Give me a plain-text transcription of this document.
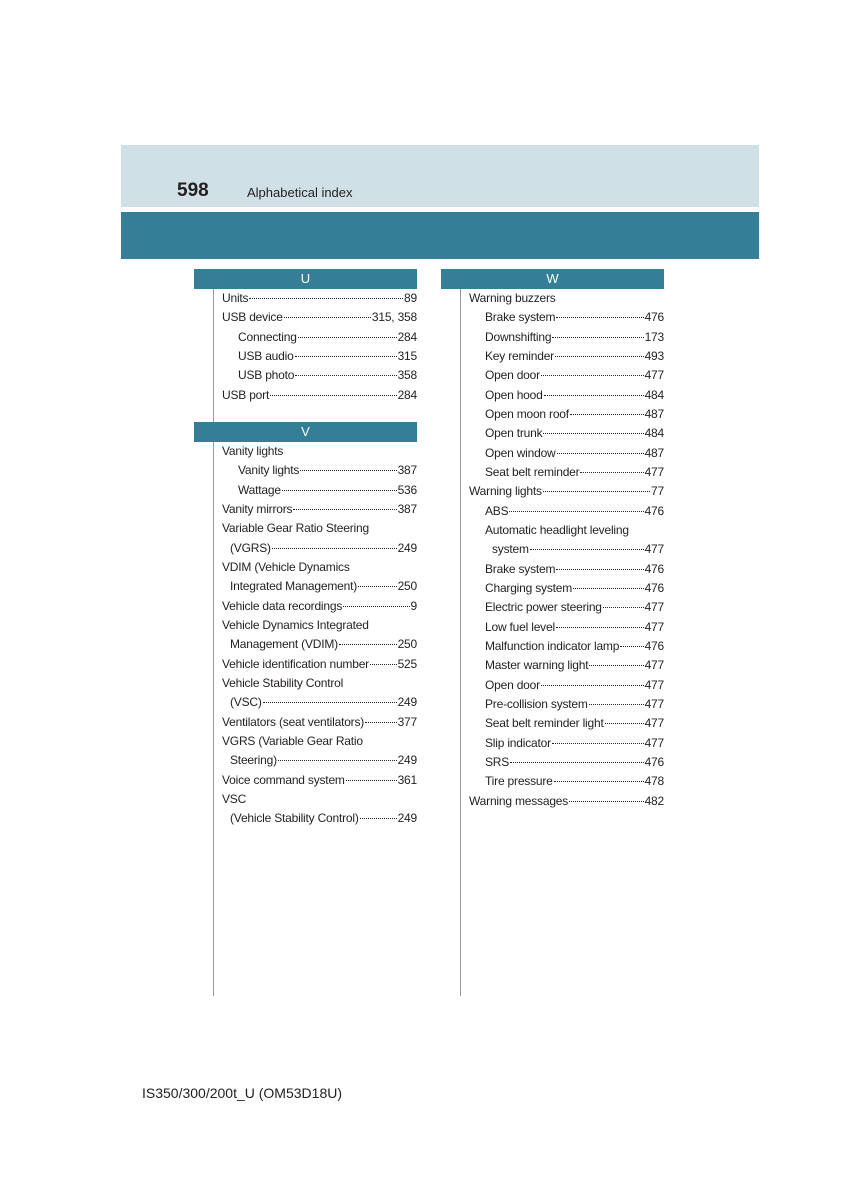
598	Alphabetical index
U
Units	89
USB device	315, 358
Connecting	284
USB audio	315
USB photo	358
USB port	284
V
Vanity lights
Vanity lights	387
Wattage	536
Vanity mirrors	387
Variable Gear Ratio Steering
(VGRS)	249
VDIM (Vehicle Dynamics
Integrated Management)	250
Vehicle data recordings	9
Vehicle Dynamics Integrated
Management (VDIM)	250
Vehicle identification number 525
Vehicle Stability Control
(VSC)	249
Ventilators (seat ventilators)	377
VGRS (Variable Gear Ratio
Steering)	249
Voice command system	361
VSC
(Vehicle Stability Control)	249
W
Warning buzzers
Brake system	476
Downshifting	173
Key reminder	493
Open door	477
Open hood	484
Open moon roof	487
Open trunk	484
Open window	487
Seat belt reminder	477
Warning lights	77
ABS	476
Automatic headlight leveling
system	477
Brake system	476
Charging system	476
Electric power steering	477
Low fuel level	477
Malfunction indicator lamp 476
Master warning light	477
Open door	477
Pre-collision system	477
Seat belt reminder light	477
Slip indicator	477
SRS	476
Tire pressure	478
Warning messages	482
IS350/300/200t_U (OM53D18U)
